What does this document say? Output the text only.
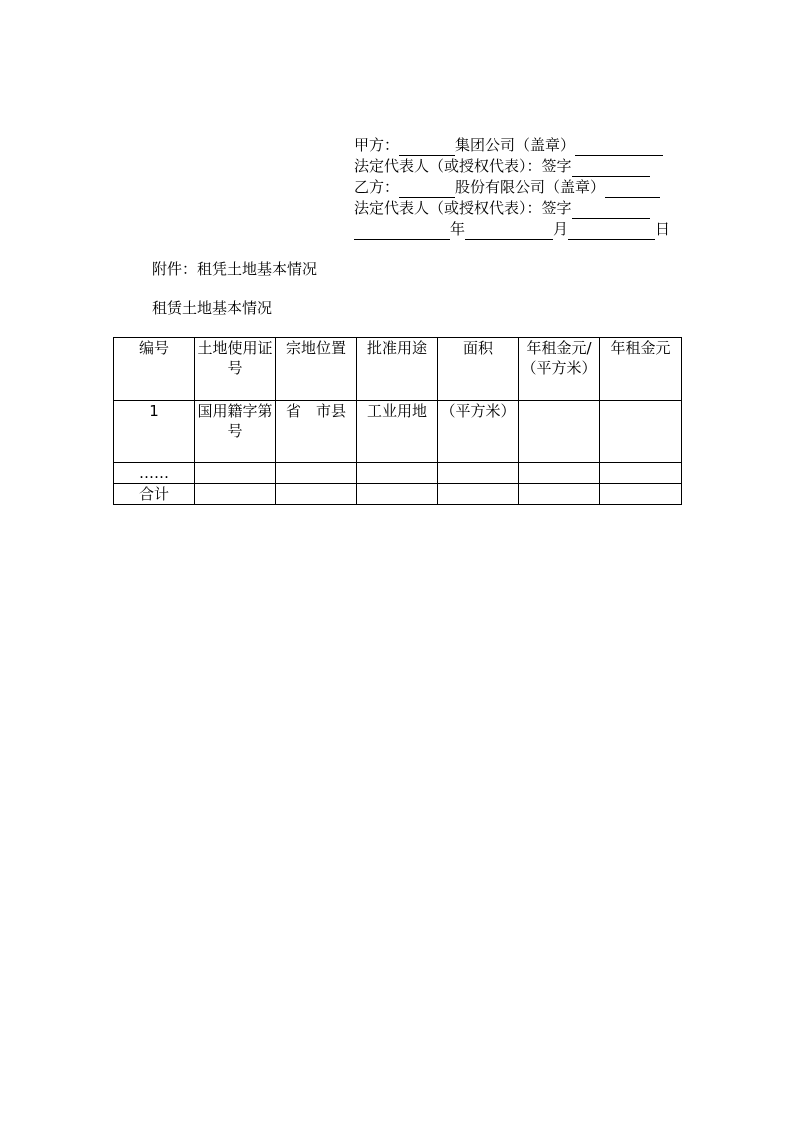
甲方：	集团公司（盖章）
法定代表人（或授权代表）：签字
乙方：	股份有限公司（盖章）
法定代表人（或授权代表）：签字
年	月	日
附件：租凭土地基本情况
租赁土地基本情况
编号	土地使用证号	宗地位置	批准用途	面积	年租金元/（平方米）	年租金元
1	国用籍字第号	省　市县	工业用地	（平方米）		
……						
合计						
